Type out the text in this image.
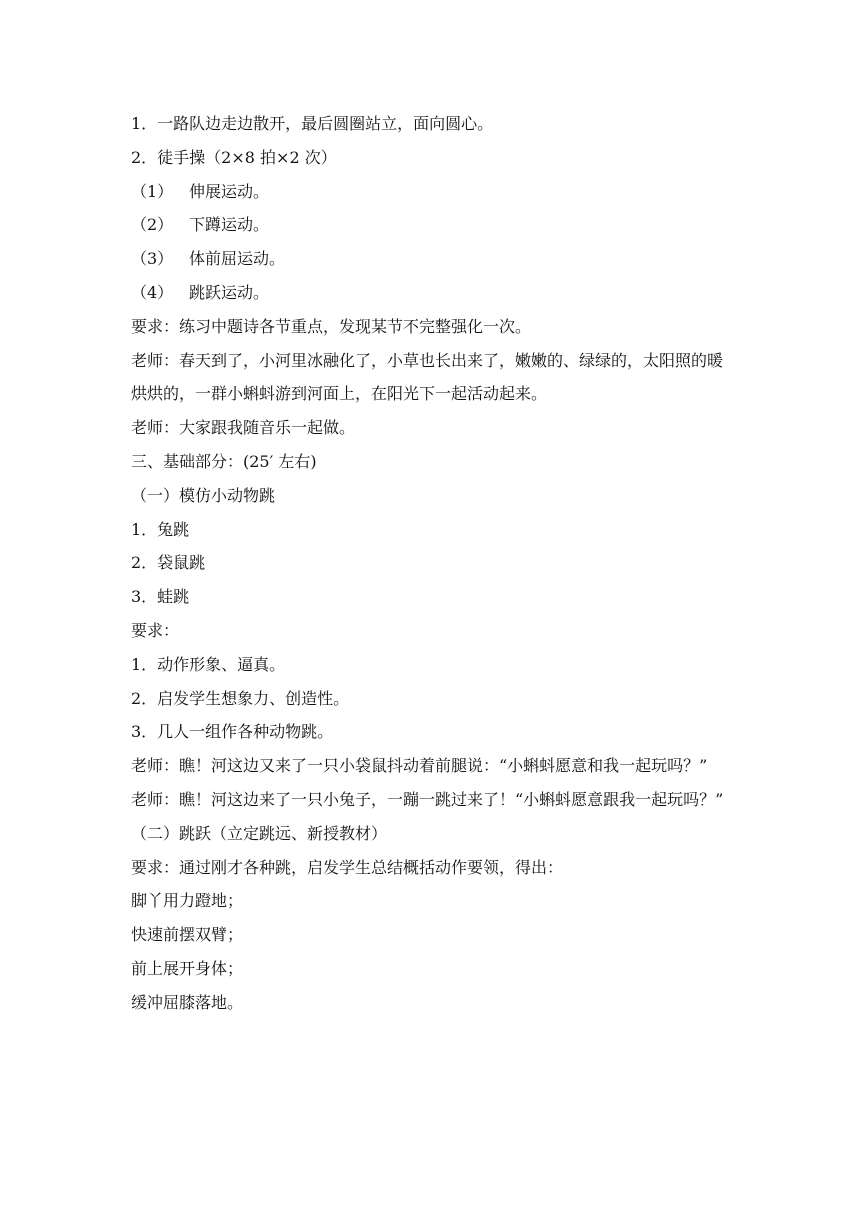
1．一路队边走边散开，最后圆圈站立，面向圆心。

2．徒手操（2×8 拍×2 次）

（1） 伸展运动。

（2） 下蹲运动。

（3） 体前屈运动。

（4） 跳跃运动。

要求：练习中题诗各节重点，发现某节不完整强化一次。

老师：春天到了，小河里冰融化了，小草也长出来了，嫩嫩的、绿绿的，太阳照的暖烘烘的，一群小蝌蚪游到河面上，在阳光下一起活动起来。

老师：大家跟我随音乐一起做。

三、基础部分：(25′ 左右)

（一）模仿小动物跳

1．兔跳

2．袋鼠跳

3．蛙跳

要求：

1．动作形象、逼真。

2．启发学生想象力、创造性。

3．几人一组作各种动物跳。

老师：瞧！河这边又来了一只小袋鼠抖动着前腿说：“小蝌蚪愿意和我一起玩吗？”

老师：瞧！河这边来了一只小兔子，一蹦一跳过来了！“小蝌蚪愿意跟我一起玩吗？”

（二）跳跃（立定跳远、新授教材）

要求：通过刚才各种跳，启发学生总结概括动作要领，得出：

脚丫用力蹬地；

快速前摆双臂；

前上展开身体；

缓冲屈膝落地。
